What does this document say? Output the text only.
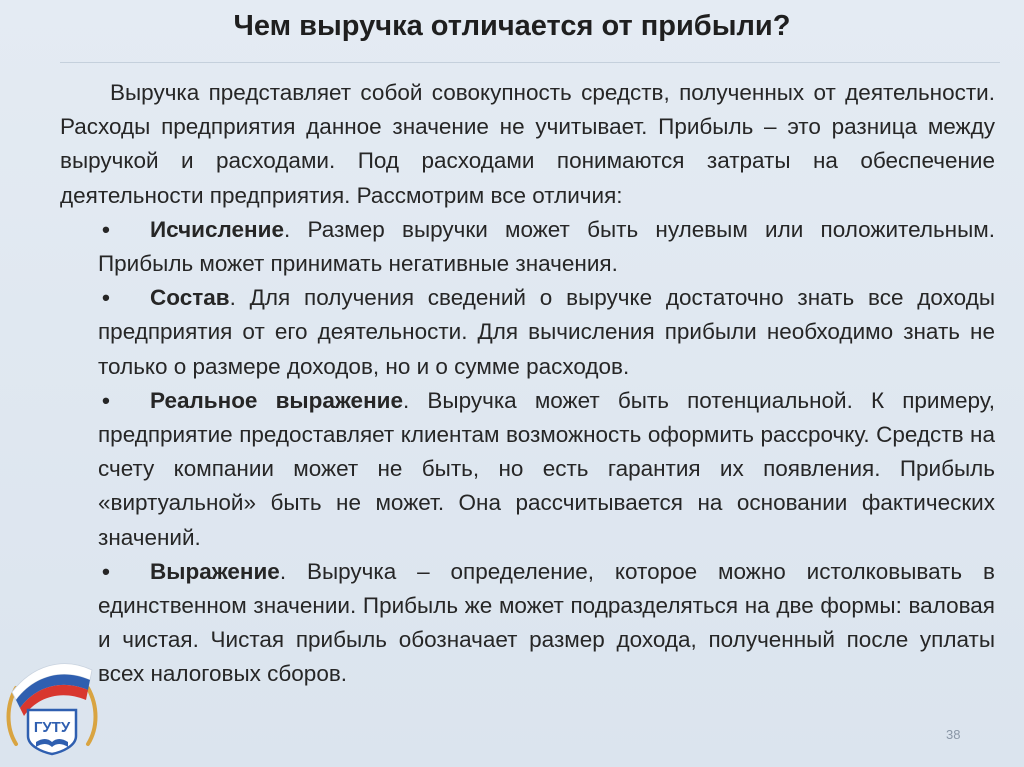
Чем выручка отличается от прибыли?

Выручка представляет собой совокупность средств, полученных от деятельности. Расходы предприятия данное значение не учитывает. Прибыль – это разница между выручкой и расходами. Под расходами понимаются затраты на обеспечение деятельности предприятия. Рассмотрим все отличия:

• Исчисление. Размер выручки может быть нулевым или положительным. Прибыль может принимать негативные значения.
• Состав. Для получения сведений о выручке достаточно знать все доходы предприятия от его деятельности. Для вычисления прибыли необходимо знать не только о размере доходов, но и о сумме расходов.
• Реальное выражение. Выручка может быть потенциальной. К примеру, предприятие предоставляет клиентам возможность оформить рассрочку. Средств на счету компании может не быть, но есть гарантия их появления. Прибыль «виртуальной» быть не может. Она рассчитывается на основании фактических значений.
• Выражение. Выручка – определение, которое можно истолковывать в единственном значении. Прибыль же может подразделяться на две формы: валовая и чистая. Чистая прибыль обозначает размер дохода, полученный после уплаты всех налоговых сборов.
ГУТУ	38
